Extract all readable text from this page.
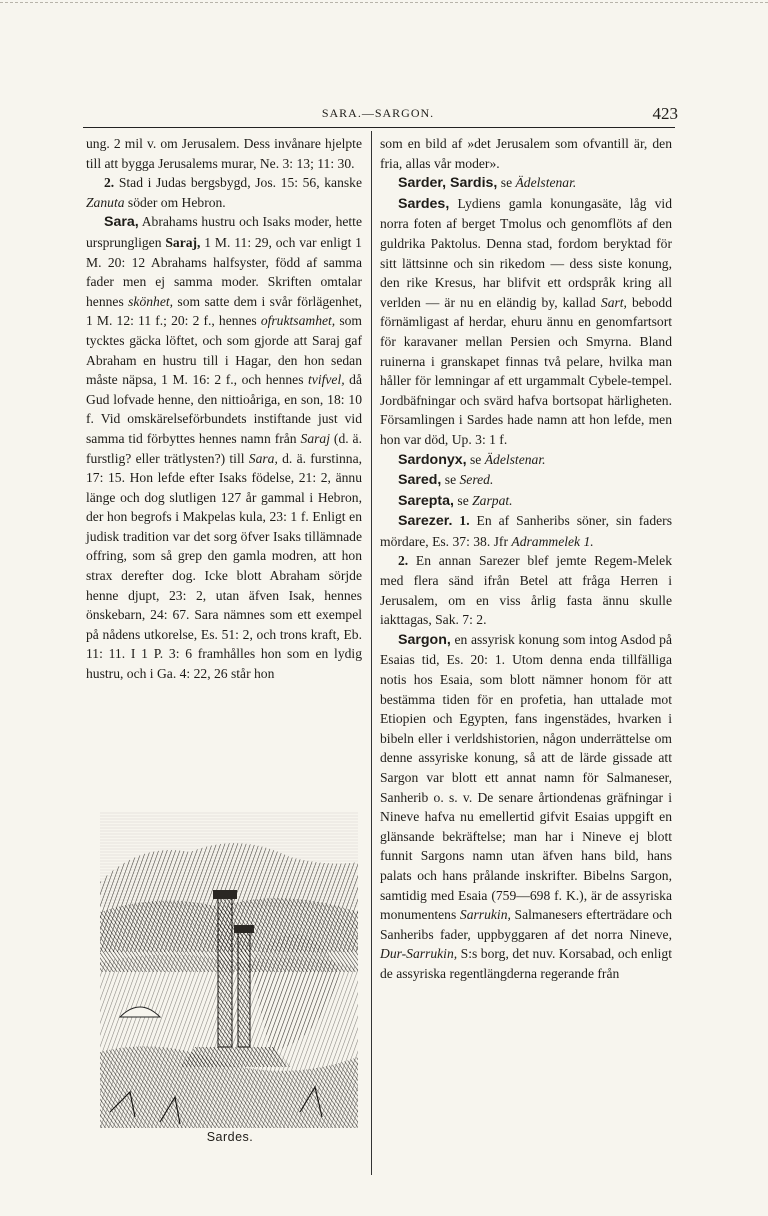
SARA.—SARGON.	423

ung. 2 mil v. om Jerusalem. Dess invånare hjelpte till att bygga Jerusalems murar, Ne. 3: 13; 11: 30.

2. Stad i Judas bergsbygd, Jos. 15: 56, kanske Zanuta söder om Hebron.

Sara, Abrahams hustru och Isaks moder, hette ursprungligen Saraj, 1 M. 11: 29, och var enligt 1 M. 20: 12 Abrahams halfsyster, född af samma fader men ej samma moder. Skriften omtalar hennes skönhet, som satte dem i svår förlägenhet, 1 M. 12: 11 f.; 20: 2 f., hennes ofruktsamhet, som tycktes gäcka löftet, och som gjorde att Saraj gaf Abraham en hustru till i Hagar, den hon sedan måste näpsa, 1 M. 16: 2 f., och hennes tvifvel, då Gud lofvade henne, den nittioåriga, en son, 18: 10 f. Vid omskärelseförbundets instiftande just vid samma tid förbyttes hennes namn från Saraj (d. ä. furstlig? eller trätlysten?) till Sara, d. ä. furstinna, 17: 15. Hon lefde efter Isaks födelse, 21: 2, ännu länge och dog slutligen 127 år gammal i Hebron, der hon begrofs i Makpelas kula, 23: 1 f. Enligt en judisk tradition var det sorg öfver Isaks tillämnade offring, som så grep den gamla modren, att hon strax derefter dog. Icke blott Abraham sörjde henne djupt, 23: 2, utan äfven Isak, hennes önskebarn, 24: 67. Sara nämnes som ett exempel på nådens utkorelse, Es. 51: 2, och trons kraft, Eb. 11: 11. I 1 P. 3: 6 framhålles hon som en lydig hustru, och i Ga. 4: 22, 26 står hon

Sardes.

som en bild af »det Jerusalem som ofvantill är, den fria, allas vår moder».

Sarder, Sardis, se Ädelstenar.

Sardes, Lydiens gamla konungasäte, låg vid norra foten af berget Tmolus och genomflöts af den guldrika Paktolus. Denna stad, fordom beryktad för sitt lättsinne och sin rikedom — dess siste konung, den rike Kresus, har blifvit ett ordspråk kring all verlden — är nu en eländig by, kallad Sart, bebodd förnämligast af herdar, ehuru ännu en genomfartsort för karavaner mellan Persien och Smyrna. Bland ruinerna i granskapet finnas två pelare, hvilka man håller för lemningar af ett urgammalt Cybele-tempel. Jordbäfningar och svärd hafva bortsopat härligheten. Församlingen i Sardes hade namn att hon lefde, men hon var död, Up. 3: 1 f.

Sardonyx, se Ädelstenar.

Sared, se Sered.

Sarepta, se Zarpat.

Sarezer. 1. En af Sanheribs söner, sin faders mördare, Es. 37: 38. Jfr Adrammelek 1.

2. En annan Sarezer blef jemte Regem-Melek med flera sänd ifrån Betel att fråga Herren i Jerusalem, om en viss årlig fasta ännu skulle iakttagas, Sak. 7: 2.

Sargon, en assyrisk konung som intog Asdod på Esaias tid, Es. 20: 1. Utom denna enda tillfälliga notis hos Esaia, som blott nämner honom för att bestämma tiden för en profetia, han uttalade mot Etiopien och Egypten, fans ingenstädes, hvarken i bibeln eller i verldshistorien, någon underrättelse om denne assyriske konung, så att de lärde gissade att Sargon var blott ett annat namn för Salmaneser, Sanherib o. s. v. De senare årtiondenas gräfningar i Nineve hafva nu emellertid gifvit Esaias uppgift en glänsande bekräftelse; man har i Nineve ej blott funnit Sargons namn utan äfven hans bild, hans palats och hans prålande inskrifter. Bibelns Sargon, samtidig med Esaia (759—698 f. K.), är de assyriska monumentens Sarrukin, Salmanesers efterträdare och Sanheribs fader, uppbyggaren af det norra Nineve, Dur-Sarrukin, S:s borg, det nuv. Korsabad, och enligt de assyriska regentlängderna regerande från
